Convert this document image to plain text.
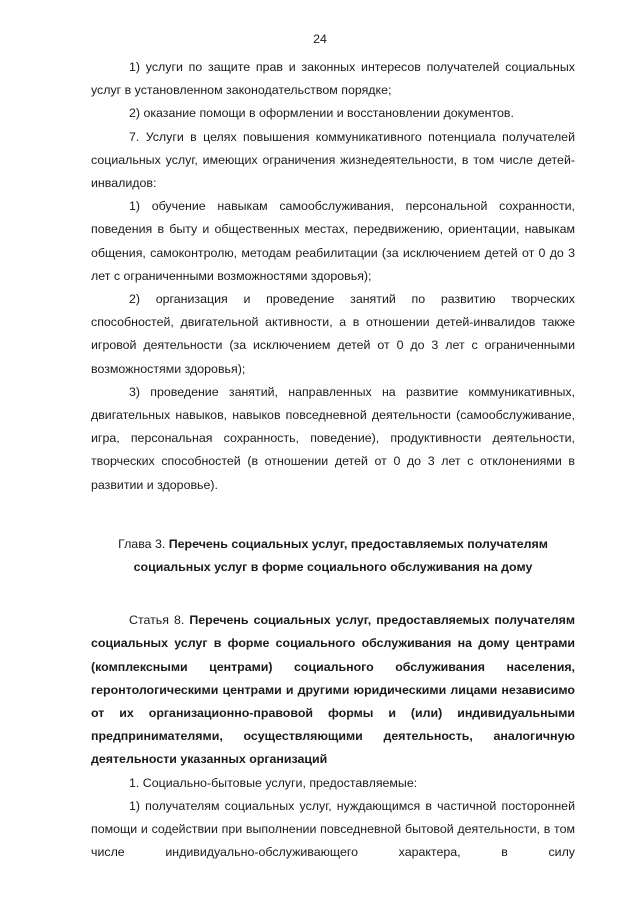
24

1) услуги по защите прав и законных интересов получателей социальных услуг в установленном законодательством порядке;

2) оказание помощи в оформлении и восстановлении документов.

7. Услуги в целях повышения коммуникативного потенциала получателей социальных услуг, имеющих ограничения жизнедеятельности, в том числе детей-инвалидов:

1) обучение навыкам самообслуживания, персональной сохранности, поведения в быту и общественных местах, передвижению, ориентации, навыкам общения, самоконтролю, методам реабилитации (за исключением детей от 0 до 3 лет с ограниченными возможностями здоровья);

2) организация и проведение занятий по развитию творческих способностей, двигательной активности, а в отношении детей-инвалидов также игровой деятельности (за исключением детей от 0 до 3 лет с ограниченными возможностями здоровья);

3) проведение занятий, направленных на развитие коммуникативных, двигательных навыков, навыков повседневной деятельности (самообслуживание, игра, персональная сохранность, поведение), продуктивности деятельности, творческих способностей (в отношении детей от 0 до 3 лет с отклонениями в развитии и здоровье).

Глава 3. Перечень социальных услуг, предоставляемых получателям социальных услуг в форме социального обслуживания на дому

Статья 8. Перечень социальных услуг, предоставляемых получателям социальных услуг в форме социального обслуживания на дому центрами (комплексными центрами) социального обслуживания населения, геронтологическими центрами и другими юридическими лицами независимо от их организационно-правовой формы и (или) индивидуальными предпринимателями, осуществляющими деятельность, аналогичную деятельности указанных организаций

1. Социально-бытовые услуги, предоставляемые:

1) получателям социальных услуг, нуждающимся в частичной посторонней помощи и содействии при выполнении повседневной бытовой деятельности, в том числе индивидуально-обслуживающего характера, в силу
